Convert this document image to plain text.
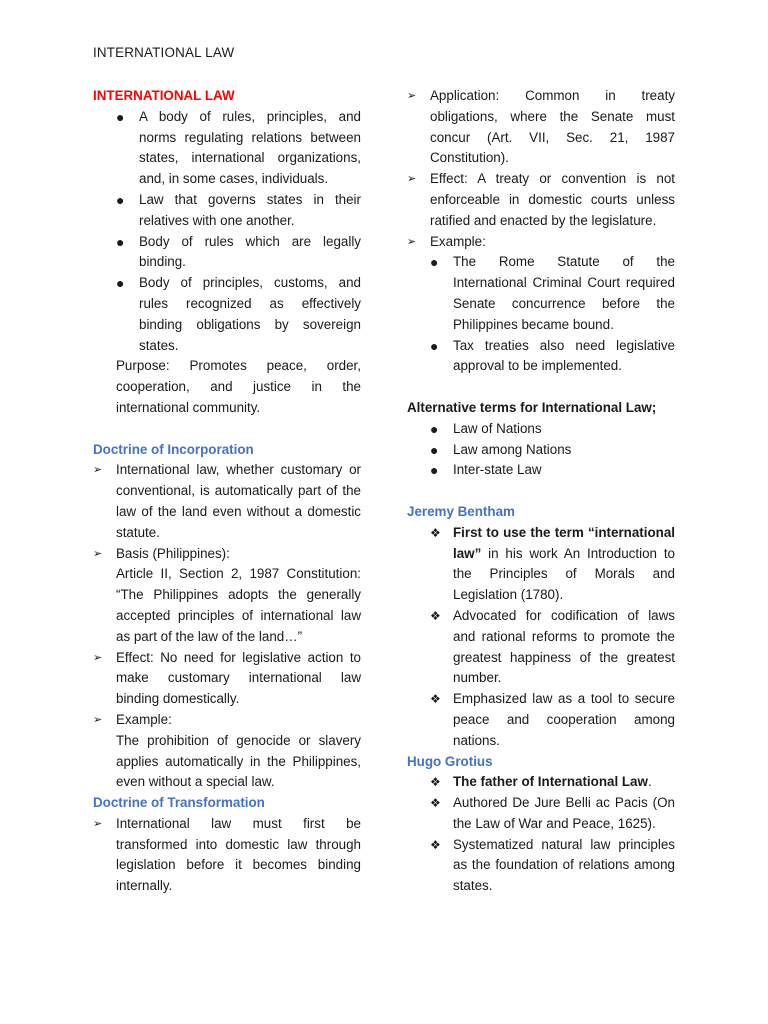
INTERNATIONAL LAW
INTERNATIONAL LAW
● A body of rules, principles, and norms regulating relations between states, international organizations, and, in some cases, individuals.
● Law that governs states in their relatives with one another.
● Body of rules which are legally binding.
● Body of principles, customs, and rules recognized as effectively binding obligations by sovereign states.
Purpose: Promotes peace, order, cooperation, and justice in the international community.
Doctrine of Incorporation
➢ International law, whether customary or conventional, is automatically part of the law of the land even without a domestic statute.
➢ Basis (Philippines):
Article II, Section 2, 1987 Constitution: “The Philippines adopts the generally accepted principles of international law as part of the law of the land…”
➢ Effect: No need for legislative action to make customary international law binding domestically.
➢ Example:
The prohibition of genocide or slavery applies automatically in the Philippines, even without a special law.
Doctrine of Transformation
➢ International law must first be transformed into domestic law through legislation before it becomes binding internally.
➢ Application: Common in treaty obligations, where the Senate must concur (Art. VII, Sec. 21, 1987 Constitution).
➢ Effect: A treaty or convention is not enforceable in domestic courts unless ratified and enacted by the legislature.
➢ Example:
● The Rome Statute of the International Criminal Court required Senate concurrence before the Philippines became bound.
● Tax treaties also need legislative approval to be implemented.
Alternative terms for International Law;
● Law of Nations
● Law among Nations
● Inter-state Law
Jeremy Bentham
❖ First to use the term “international law” in his work An Introduction to the Principles of Morals and Legislation (1780).
❖ Advocated for codification of laws and rational reforms to promote the greatest happiness of the greatest number.
❖ Emphasized law as a tool to secure peace and cooperation among nations.
Hugo Grotius
❖ The father of International Law.
❖ Authored De Jure Belli ac Pacis (On the Law of War and Peace, 1625).
❖ Systematized natural law principles as the foundation of relations among states.
